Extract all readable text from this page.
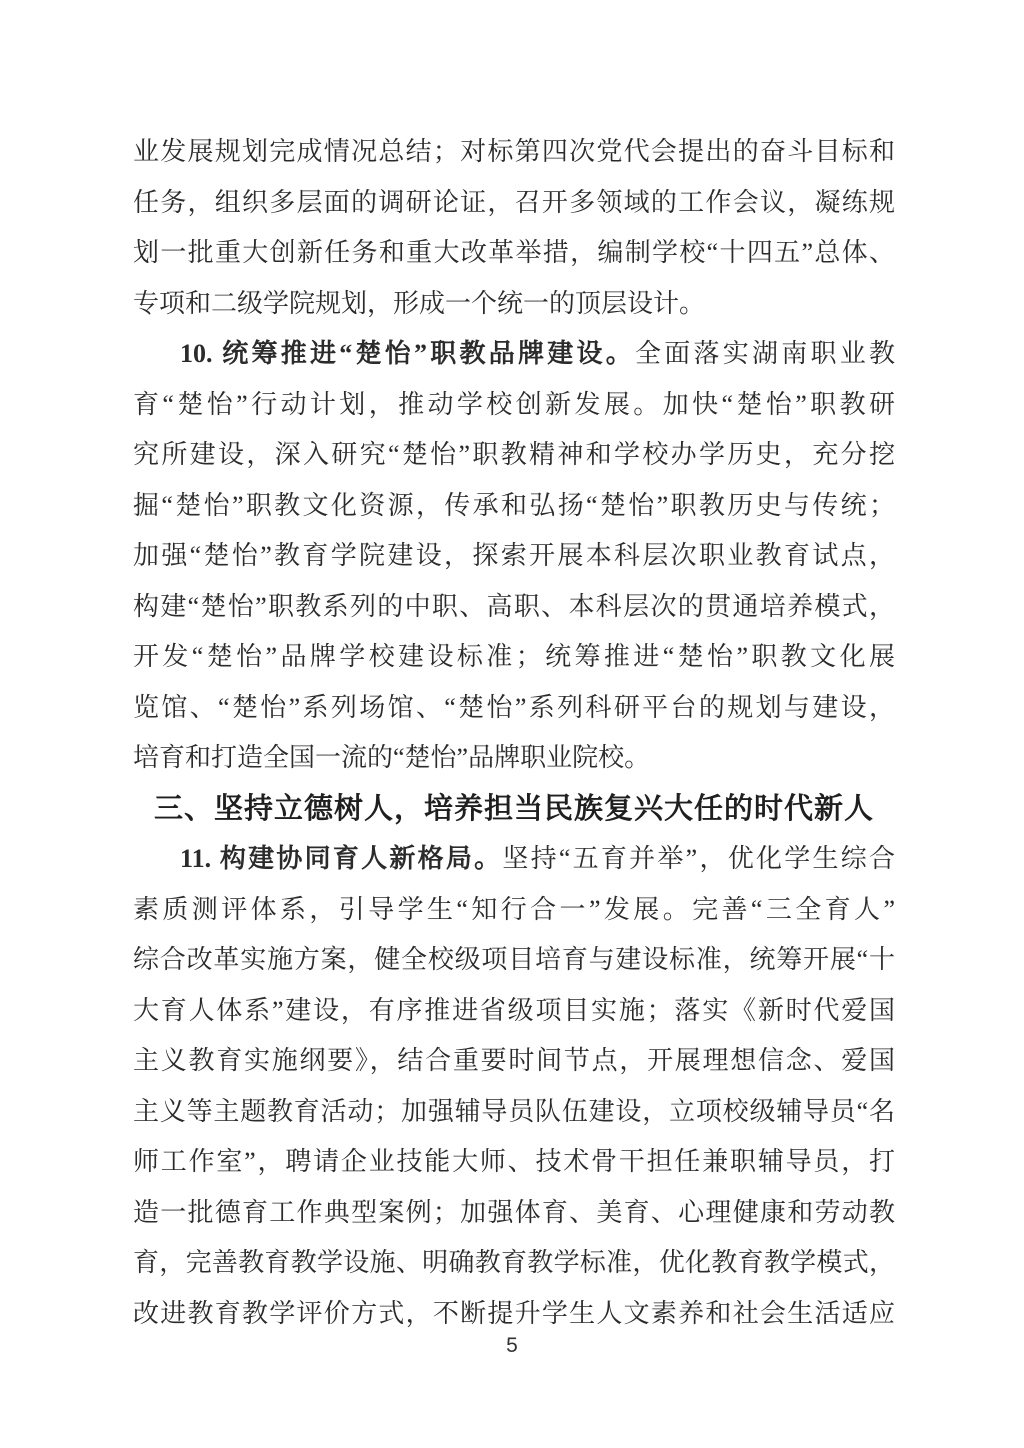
业发展规划完成情况总结；对标第四次党代会提出的奋斗目标和
任务，组织多层面的调研论证，召开多领域的工作会议，凝练规
划一批重大创新任务和重大改革举措，编制学校“十四五”总体、
专项和二级学院规划，形成一个统一的顶层设计。
10. 统筹推进“楚怡”职教品牌建设。全面落实湖南职业教
育“楚怡”行动计划，推动学校创新发展。加快“楚怡”职教研
究所建设，深入研究“楚怡”职教精神和学校办学历史，充分挖
掘“楚怡”职教文化资源，传承和弘扬“楚怡”职教历史与传统；
加强“楚怡”教育学院建设，探索开展本科层次职业教育试点，
构建“楚怡”职教系列的中职、高职、本科层次的贯通培养模式，
开发“楚怡”品牌学校建设标准；统筹推进“楚怡”职教文化展
览馆、“楚怡”系列场馆、“楚怡”系列科研平台的规划与建设，
培育和打造全国一流的“楚怡”品牌职业院校。
三、坚持立德树人，培养担当民族复兴大任的时代新人
11. 构建协同育人新格局。坚持“五育并举”，优化学生综合
素质测评体系，引导学生“知行合一”发展。完善“三全育人”
综合改革实施方案，健全校级项目培育与建设标准，统筹开展“十
大育人体系”建设，有序推进省级项目实施；落实《新时代爱国
主义教育实施纲要》，结合重要时间节点，开展理想信念、爱国
主义等主题教育活动；加强辅导员队伍建设，立项校级辅导员“名
师工作室”，聘请企业技能大师、技术骨干担任兼职辅导员，打
造一批德育工作典型案例；加强体育、美育、心理健康和劳动教
育，完善教育教学设施、明确教育教学标准，优化教育教学模式，
改进教育教学评价方式，不断提升学生人文素养和社会生活适应
5
